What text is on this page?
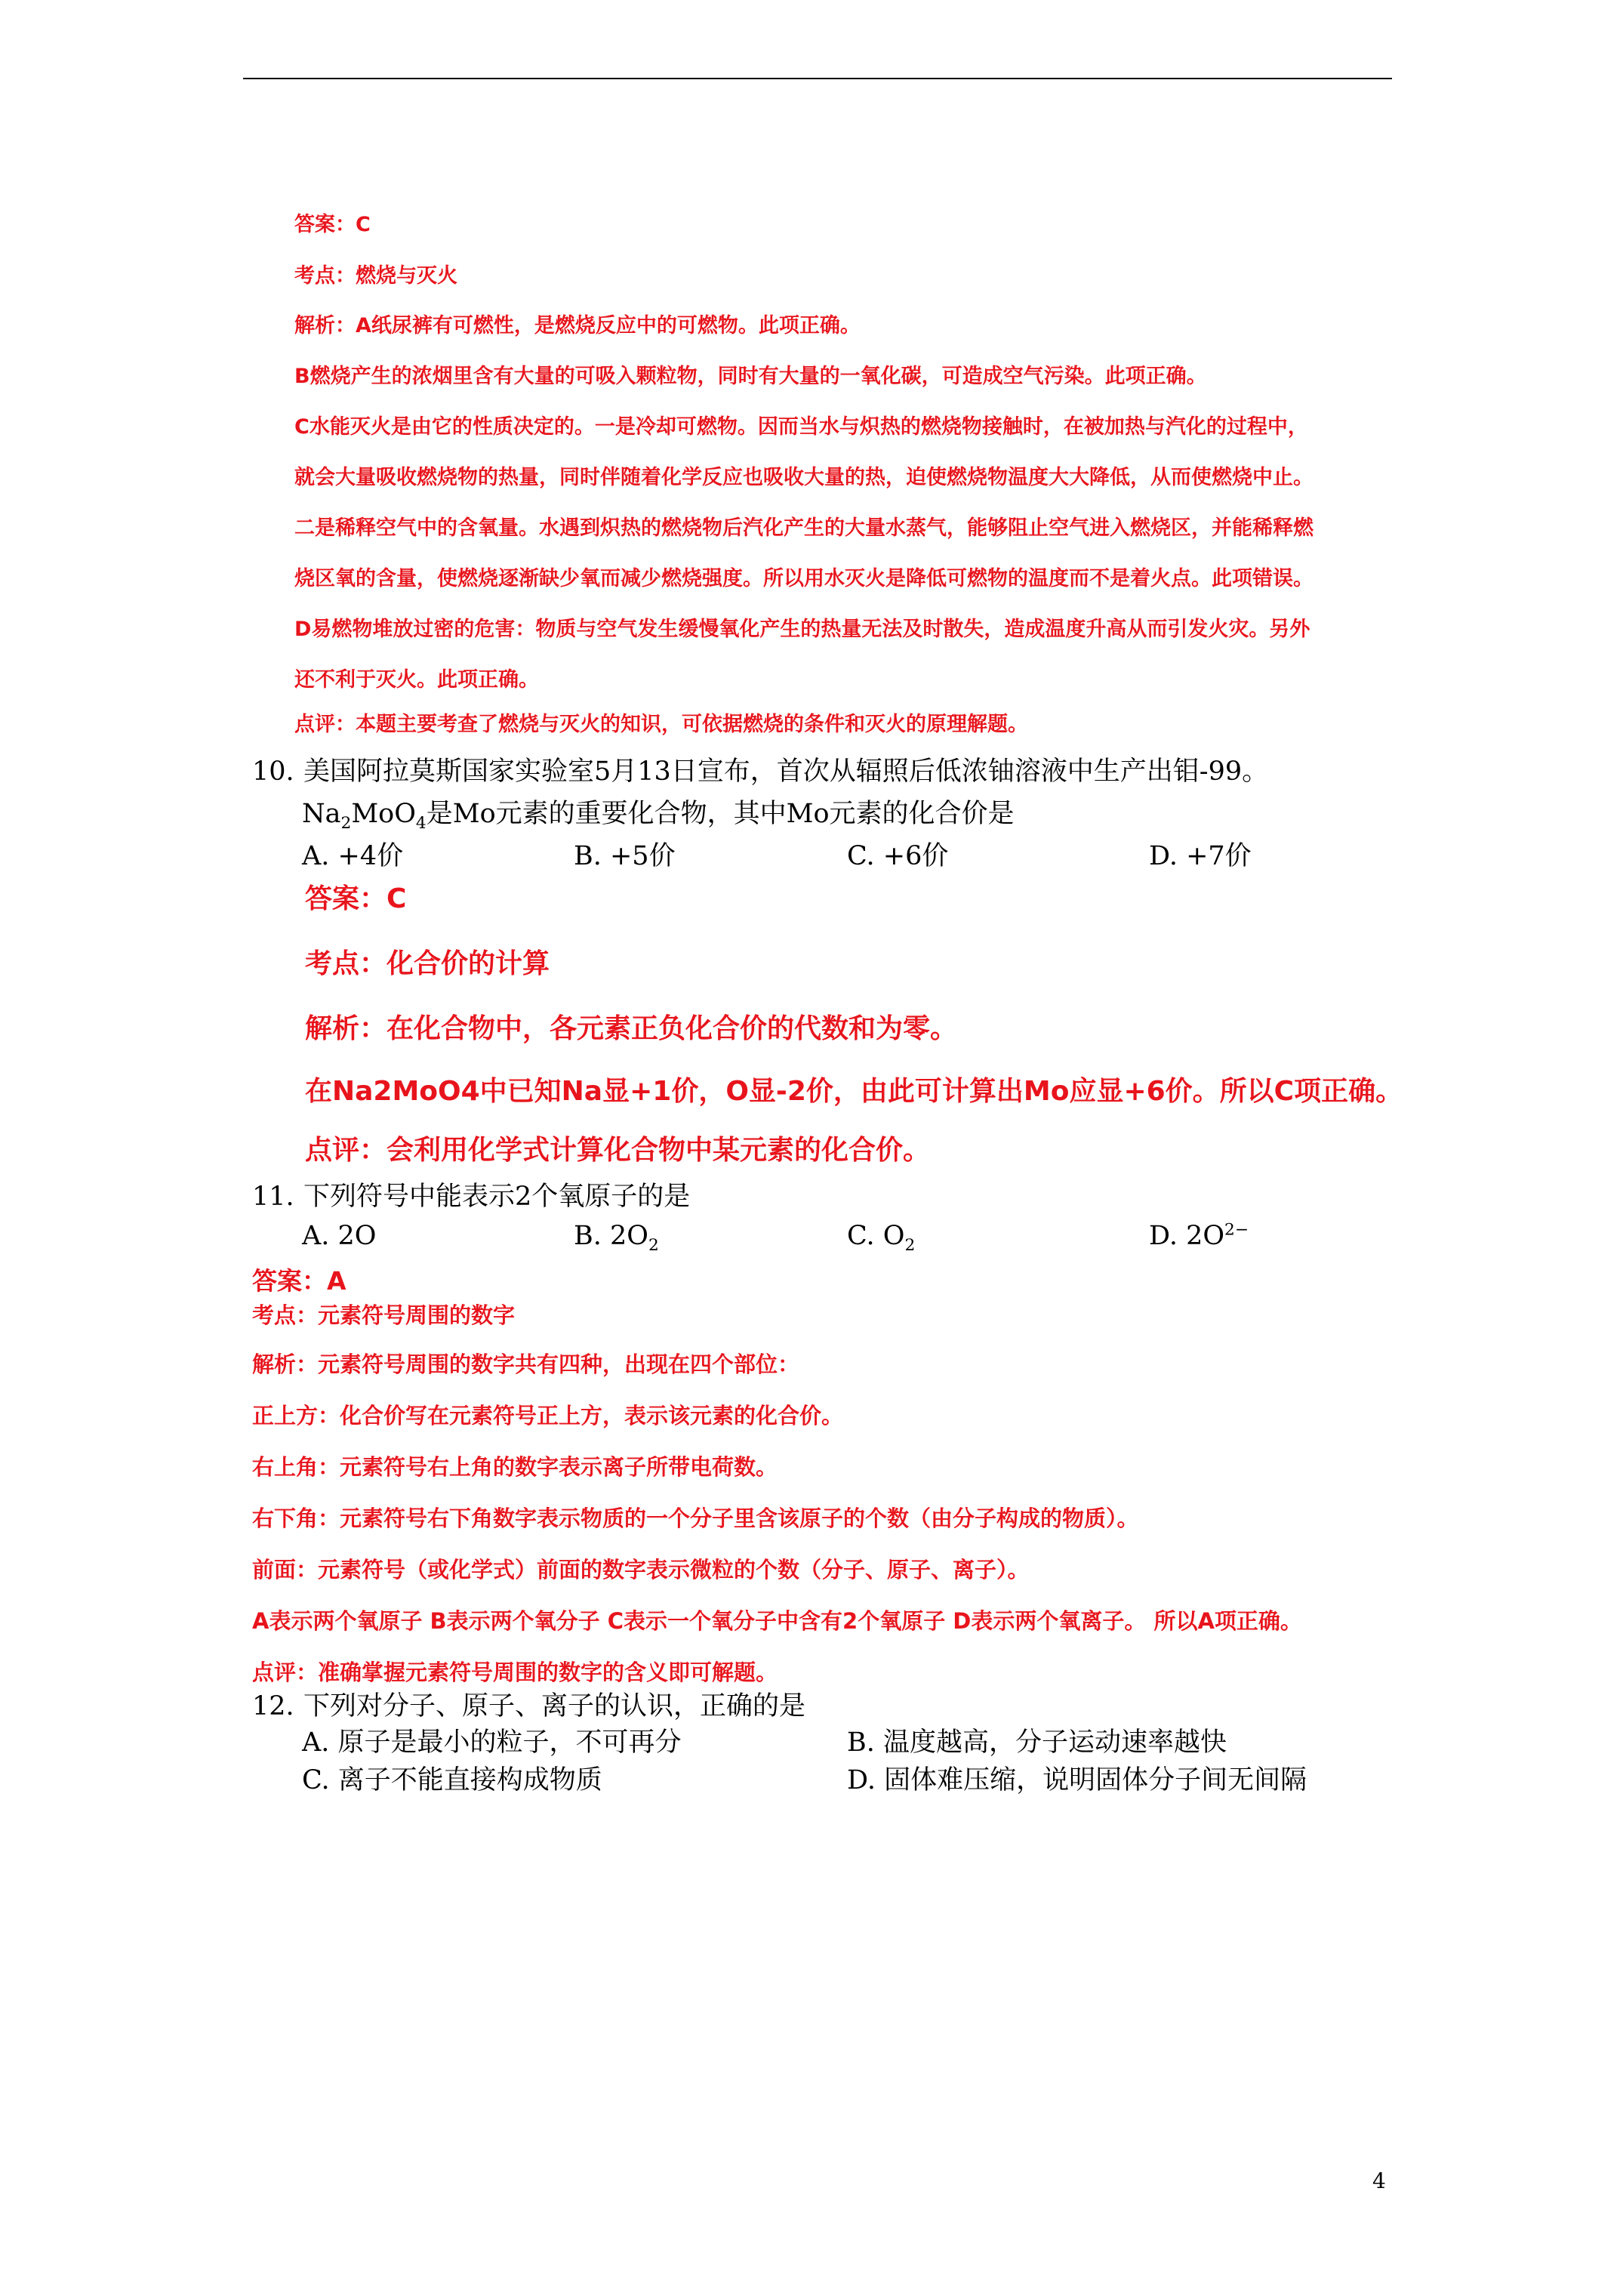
答案：C
考点：燃烧与灭火
解析：A纸尿裤有可燃性，是燃烧反应中的可燃物。此项正确。
B燃烧产生的浓烟里含有大量的可吸入颗粒物，同时有大量的一氧化碳，可造成空气污染。此项正确。
C水能灭火是由它的性质决定的。一是冷却可燃物。因而当水与炽热的燃烧物接触时，在被加热与汽化的过程中，
就会大量吸收燃烧物的热量，同时伴随着化学反应也吸收大量的热，迫使燃烧物温度大大降低，从而使燃烧中止。
二是稀释空气中的含氧量。水遇到炽热的燃烧物后汽化产生的大量水蒸气，能够阻止空气进入燃烧区，并能稀释燃
烧区氧的含量，使燃烧逐渐缺少氧而减少燃烧强度。所以用水灭火是降低可燃物的温度而不是着火点。此项错误。
D易燃物堆放过密的危害：物质与空气发生缓慢氧化产生的热量无法及时散失，造成温度升高从而引发火灾。另外
还不利于灭火。此项正确。
点评：本题主要考查了燃烧与灭火的知识，可依据燃烧的条件和灭火的原理解题。
10. 美国阿拉莫斯国家实验室5月13日宣布，首次从辐照后低浓铀溶液中生产出钼-99。
$Na_2MoO_4$是Mo元素的重要化合物，其中Mo元素的化合价是
A. +4价	B. +5价	C. +6价	D. +7价
答案：C
考点：化合价的计算
解析：在化合物中，各元素正负化合价的代数和为零。
在Na2MoO4中已知Na显+1价，O显-2价，由此可计算出Mo应显+6价。所以C项正确。
点评：会利用化学式计算化合物中某元素的化合价。
11. 下列符号中能表示2个氧原子的是
A. 2O	B. $2O_2$	C. $O_2$	D. $2O^{2-}$
答案：A
考点：元素符号周围的数字
解析：元素符号周围的数字共有四种，出现在四个部位：
正上方：化合价写在元素符号正上方，表示该元素的化合价。
右上角：元素符号右上角的数字表示离子所带电荷数。
右下角：元素符号右下角数字表示物质的一个分子里含该原子的个数（由分子构成的物质）。
前面：元素符号（或化学式）前面的数字表示微粒的个数（分子、原子、离子）。
A表示两个氧原子 B表示两个氧分子 C表示一个氧分子中含有2个氧原子 D表示两个氧离子。 所以A项正确。
点评：准确掌握元素符号周围的数字的含义即可解题。
12. 下列对分子、原子、离子的认识，正确的是
A. 原子是最小的粒子，不可再分	B. 温度越高，分子运动速率越快
C. 离子不能直接构成物质	D. 固体难压缩，说明固体分子间无间隔
4
